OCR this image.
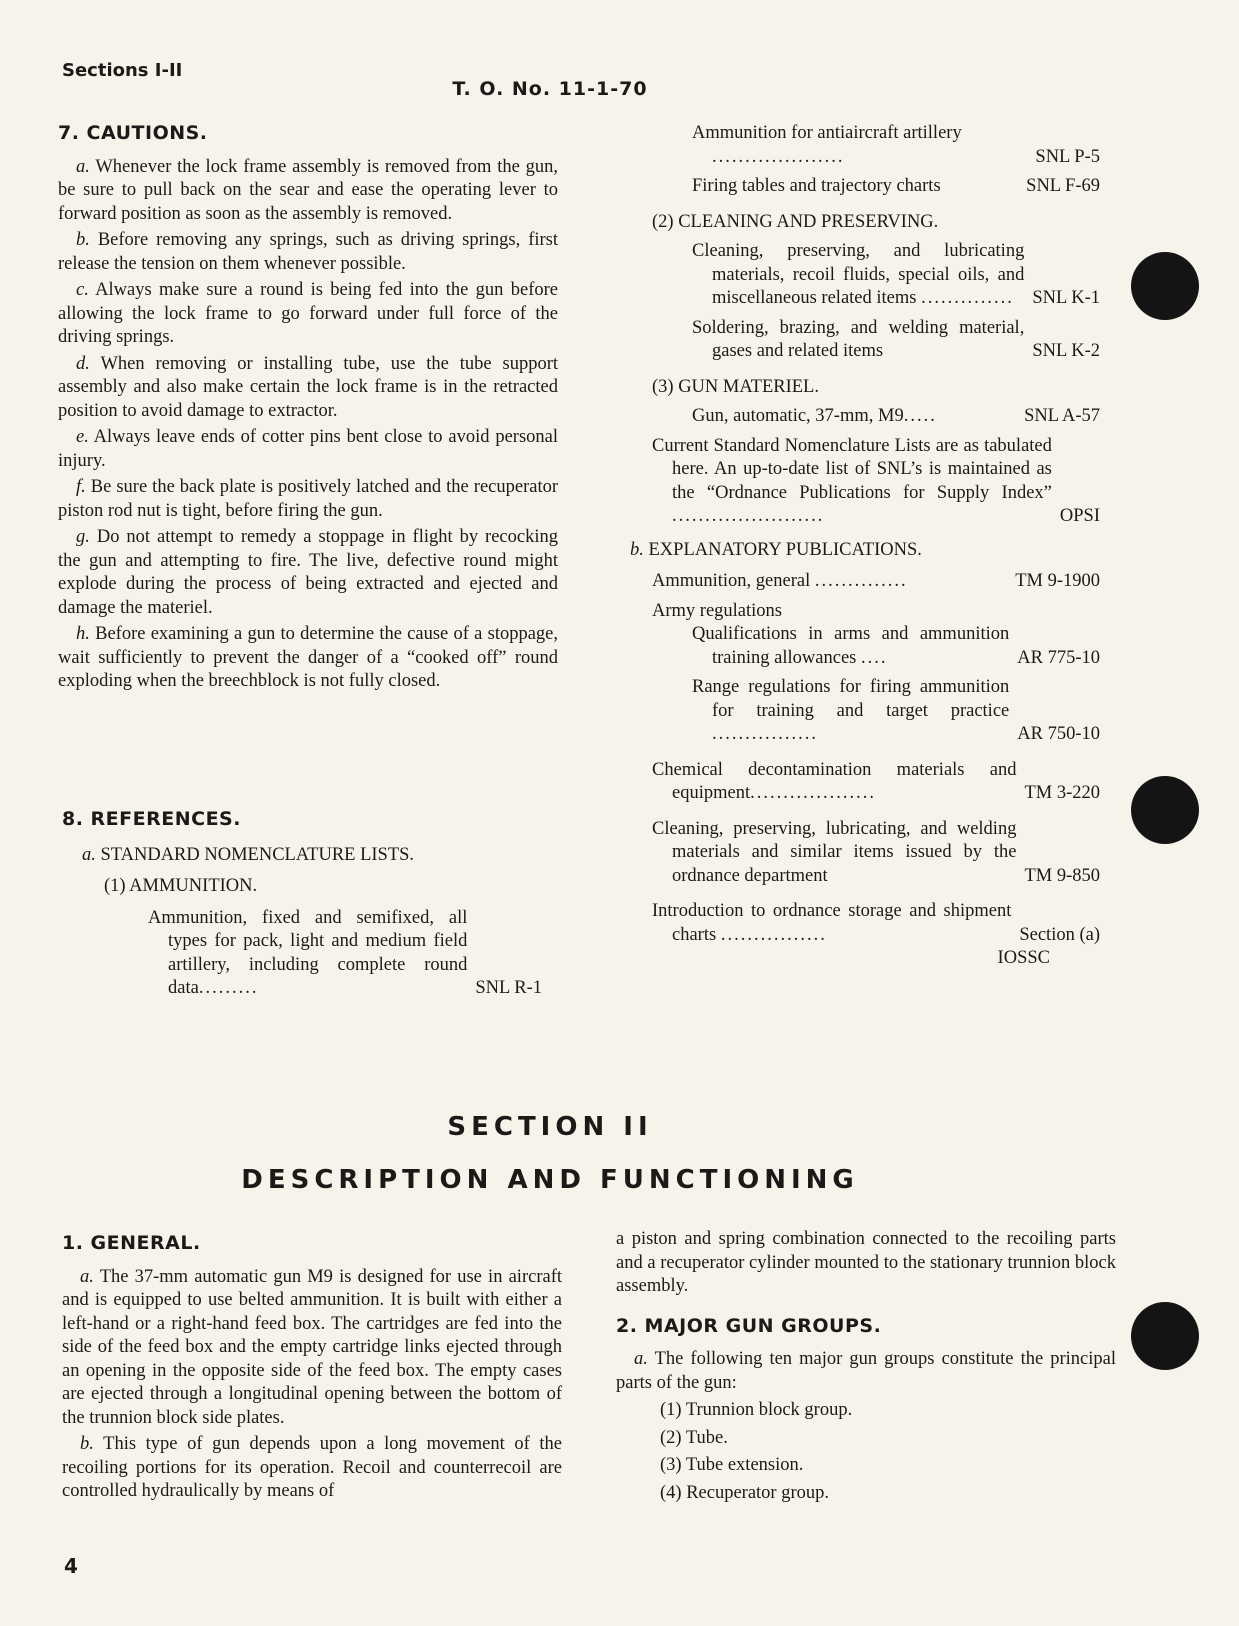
Sections I-II
T. O. No. 11-1-70
7. CAUTIONS.

a. Whenever the lock frame assembly is removed from the gun, be sure to pull back on the sear and ease the operating lever to forward position as soon as the assembly is removed.

b. Before removing any springs, such as driving springs, first release the tension on them whenever possible.

c. Always make sure a round is being fed into the gun before allowing the lock frame to go forward under full force of the driving springs.

d. When removing or installing tube, use the tube support assembly and also make certain the lock frame is in the retracted position to avoid damage to extractor.

e. Always leave ends of cotter pins bent close to avoid personal injury.

f. Be sure the back plate is positively latched and the recuperator piston rod nut is tight, before firing the gun.

g. Do not attempt to remedy a stoppage in flight by recocking the gun and attempting to fire. The live, defective round might explode during the process of being extracted and ejected and damage the materiel.

h. Before examining a gun to determine the cause of a stoppage, wait sufficiently to prevent the danger of a “cooked off” round exploding when the breechblock is not fully closed.

8. REFERENCES.
a. STANDARD NOMENCLATURE LISTS.
(1) AMMUNITION.
Ammunition, fixed and semifixed, all types for pack, light and medium field artillery, including complete round data.........	SNL R-1
Ammunition for antiaircraft artillery ....................	SNL P-5
Firing tables and trajectory charts	SNL F-69
(2) CLEANING AND PRESERVING.
Cleaning, preserving, and lubricating materials, recoil fluids, special oils, and miscellaneous related items .............. SNL K-1
Soldering, brazing, and welding material, gases and related items	SNL K-2
(3) GUN MATERIEL.
Gun, automatic, 37-mm, M9.....	SNL A-57
Current Standard Nomenclature Lists are as tabulated here. An up-to-date list of SNL’s is maintained as the “Ordnance Publications for Supply Index” .......................	OPSI
b. EXPLANATORY PUBLICATIONS.
Ammunition, general ..............	TM 9-1900
Army regulations
Qualifications in arms and ammunition training allowances ....	AR 775-10
Range regulations for firing ammunition for training and target practice ................	AR 750-10
Chemical decontamination materials and equipment...................	TM 3-220
Cleaning, preserving, lubricating, and welding materials and similar items issued by the ordnance department	TM 9-850
Introduction to ordnance storage and shipment charts ................	Section (a)
IOSSC
SECTION II
DESCRIPTION AND FUNCTIONING
1. GENERAL.

a. The 37-mm automatic gun M9 is designed for use in aircraft and is equipped to use belted ammunition. It is built with either a left-hand or a right-hand feed box. The cartridges are fed into the side of the feed box and the empty cartridge links ejected through an opening in the opposite side of the feed box. The empty cases are ejected through a longitudinal opening between the bottom of the trunnion block side plates.

b. This type of gun depends upon a long movement of the recoiling portions for its operation. Recoil and counterrecoil are controlled hydraulically by means of

a piston and spring combination connected to the recoiling parts and a recuperator cylinder mounted to the stationary trunnion block assembly.

2. MAJOR GUN GROUPS.

a. The following ten major gun groups constitute the principal parts of the gun:

(1) Trunnion block group.
(2) Tube.
(3) Tube extension.
(4) Recuperator group.
4
